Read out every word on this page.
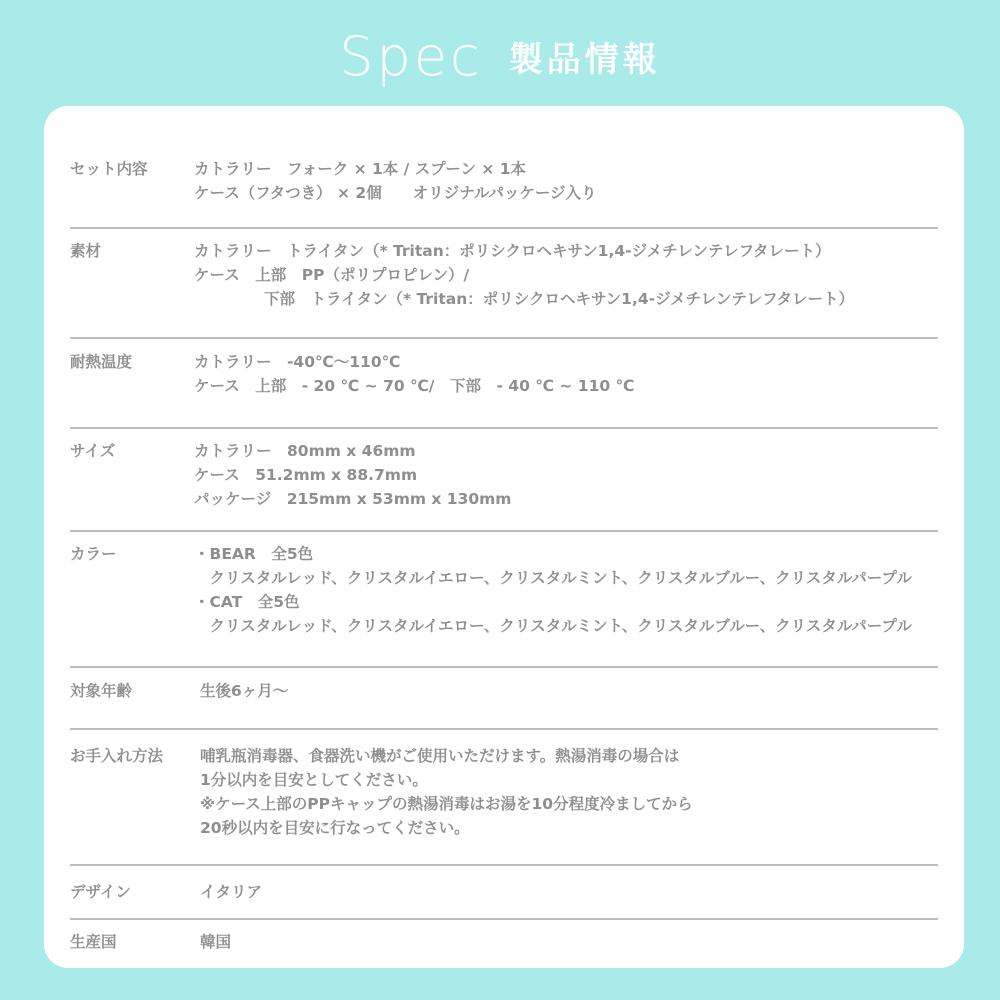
Spec 製品情報
セット内容	カトラリー　フォーク × 1本 / スプーン × 1本
ケース（フタつき） × 2個　　オリジナルパッケージ入り
素材	カトラリー　トライタン（* Tritan：ポリシクロヘキサン1,4-ジメチレンテレフタレート）
ケース　上部　PP（ポリプロピレン）/
下部　トライタン（* Tritan：ポリシクロヘキサン1,4-ジメチレンテレフタレート）
耐熱温度	カトラリー　-40℃〜110℃
ケース　上部　- 20 ℃ ~ 70 ℃/　下部　- 40 ℃ ~ 110 ℃
サイズ	カトラリー　80mm x 46mm
ケース　51.2mm x 88.7mm
パッケージ　215mm x 53mm x 130mm
カラー	・BEAR　全5色
　クリスタルレッド、クリスタルイエロー、クリスタルミント、クリスタルブルー、クリスタルパープル
・CAT　全5色
　クリスタルレッド、クリスタルイエロー、クリスタルミント、クリスタルブルー、クリスタルパープル
対象年齢	生後6ヶ月〜
お手入れ方法	哺乳瓶消毒器、食器洗い機がご使用いただけます。熱湯消毒の場合は
1分以内を目安としてください。
※ケース上部のPPキャップの熱湯消毒はお湯を10分程度冷ましてから
20秒以内を目安に行なってください。
デザイン	イタリア
生産国	韓国
